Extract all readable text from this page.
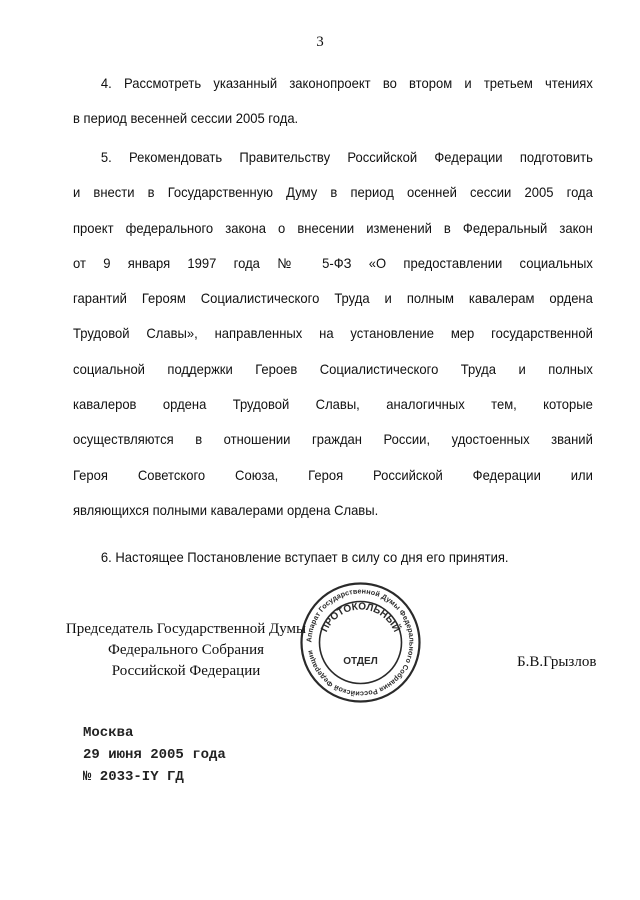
3
4. Рассмотреть указанный законопроект во втором и третьем чтениях
в период весенней сессии 2005 года.
5. Рекомендовать Правительству Российской Федерации подготовить
и внести в Государственную Думу в период осенней сессии 2005 года
проект федерального закона о внесении изменений в Федеральный закон
от 9 января 1997 года № 5-ФЗ «О предоставлении социальных
гарантий Героям Социалистического Труда и полным кавалерам ордена
Трудовой Славы», направленных на установление мер государственной
социальной поддержки Героев Социалистического Труда и полных
кавалеров ордена Трудовой Славы, аналогичных тем, которые
осуществляются в отношении граждан России, удостоенных званий
Героя Советского Союза, Героя Российской Федерации или
являющихся полными кавалерами ордена Славы.
6. Настоящее Постановление вступает в силу со дня его принятия.
Аппарат Государственной Думы Федерального Собрания Российской Федерации
ПРОТОКОЛЬНЫЙ
ОТДЕЛ
Председатель Государственной Думы
Федерального Собрания
Российской Федерации
Б.В.Грызлов
Москва
29 июня 2005 года
№ 2033-IY ГД
